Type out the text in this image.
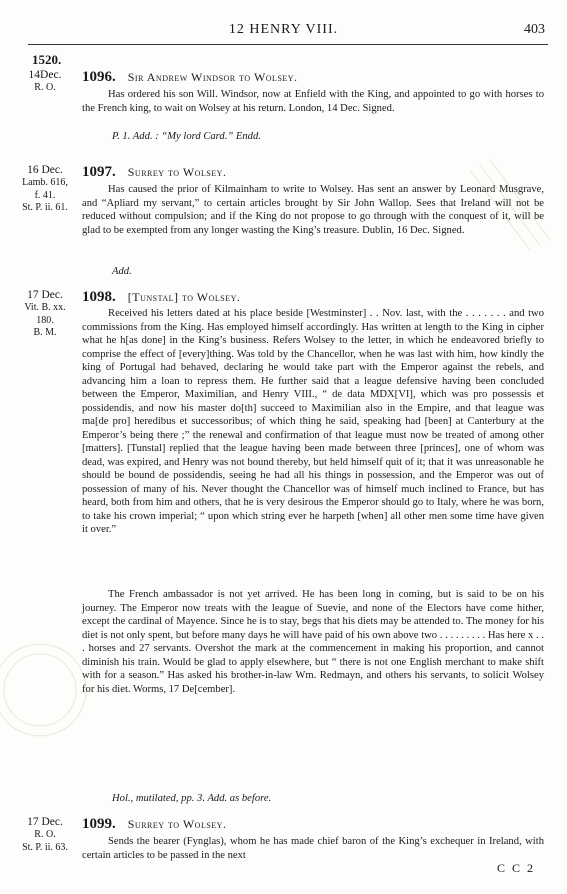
12 HENRY VIII.	403
1520.
14Dec.
R. O.
1096. Sir Andrew Windsor to Wolsey.

Has ordered his son Will. Windsor, now at Enfield with the King, and appointed to go with horses to the French king, to wait on Wolsey at his return. London, 14 Dec. Signed.

P. 1. Add. : “My lord Card.” Endd.
16 Dec.
Lamb. 616,
f. 41.
St. P. ii. 61.
1097. Surrey to Wolsey.

Has caused the prior of Kilmainham to write to Wolsey. Has sent an answer by Leonard Musgrave, and “Apliard my servant,” to certain articles brought by Sir John Wallop. Sees that Ireland will not be reduced without compulsion; and if the King do not propose to go through with the conquest of it, will be glad to be exempted from any longer wasting the King’s treasure. Dublin, 16 Dec. Signed.

Add.
17 Dec.
Vit. B. xx.
180.
B. M.
1098. [Tunstal] to Wolsey.

Received his letters dated at his place beside [Westminster] . . Nov. last, with the . . . . . . . and two commissions from the King. Has employed himself accordingly. Has written at length to the King in cipher what he h[as done] in the King’s business. Refers Wolsey to the letter, in which he endeavored briefly to comprise the effect of [every]thing. Was told by the Chancellor, when he was last with him, how kindly the king of Portugal had behaved, declaring he would take part with the Emperor against the rebels, and advancing him a loan to repress them. He further said that a league defensive having been concluded between the Emperor, Maximilian, and Henry VIII., “ de data MDX[VI], which was pro possessis et possidendis, and now his master do[th] succeed to Maximilian also in the Empire, and that league was ma[de pro] heredibus et successoribus; of which thing he said, speaking had [been] at Canterbury at the Emperor’s being there ;” the renewal and confirmation of that league must now be treated of among other [matters]. [Tunstal] replied that the league having been made between three [princes], one of whom was dead, was expired, and Henry was not bound thereby, but held himself quit of it; that it was unreasonable he should be bound de possidendis, seeing he had all his things in possession, and the Emperor was out of possession of many of his. Never thought the Chancellor was of himself much inclined to France, but has heard, both from him and others, that he is very desirous the Emperor should go to Italy, where he was born, to take his crown imperial; “ upon which string ever he harpeth [when] all other men some time have given it over.”

The French ambassador is not yet arrived. He has been long in coming, but is said to be on his journey. The Emperor now treats with the league of Suevie, and none of the Electors have come hither, except the cardinal of Mayence. Since he is to stay, begs that his diets may be attended to. The money for his diet is not only spent, but before many days he will have paid of his own above two . . . . . . . . . Has here x . . . horses and 27 servants. Overshot the mark at the commencement in making his proportion, and cannot diminish his train. Would be glad to apply elsewhere, but “ there is not one English merchant to make shift with for a season.” Has asked his brother-in-law Wm. Redmayn, and others his servants, to solicit Wolsey for his diet. Worms, 17 De[cember].

Hol., mutilated, pp. 3. Add. as before.
17 Dec.
R. O.
St. P. ii. 63.
1099. Surrey to Wolsey.

Sends the bearer (Fynglas), whom he has made chief baron of the King’s exchequer in Ireland, with certain articles to be passed in the next

C C 2
